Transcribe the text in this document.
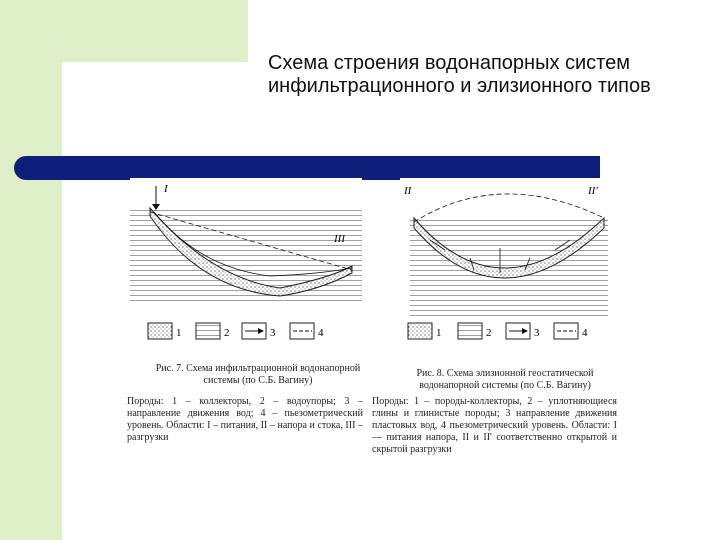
Схема строения водонапорных систем инфильтрационного и элизионного типов
I
III
1	2	3	4
II	II'
1	2	3	4
Рис. 7. Схема инфильтрационной водонапорной системы (по С.Б. Вагину)
Рис. 8. Схема элизионной геостатической водонапорной системы (по С.Б. Вагину)
Породы: 1 – коллекторы, 2 – водоупоры; 3 – направление движения вод; 4 – пьезометрический уровень. Области: I – питания, II – напора и стока, III – разгрузки
Породы: 1 – породы-коллекторы, 2 – уплотняющиеся глины и глинистые породы; 3 направление движения пластовых вод, 4 пьезометрический уровень. Области: I — питания напора, II и II' соответственно открытой и скрытой разгрузки
